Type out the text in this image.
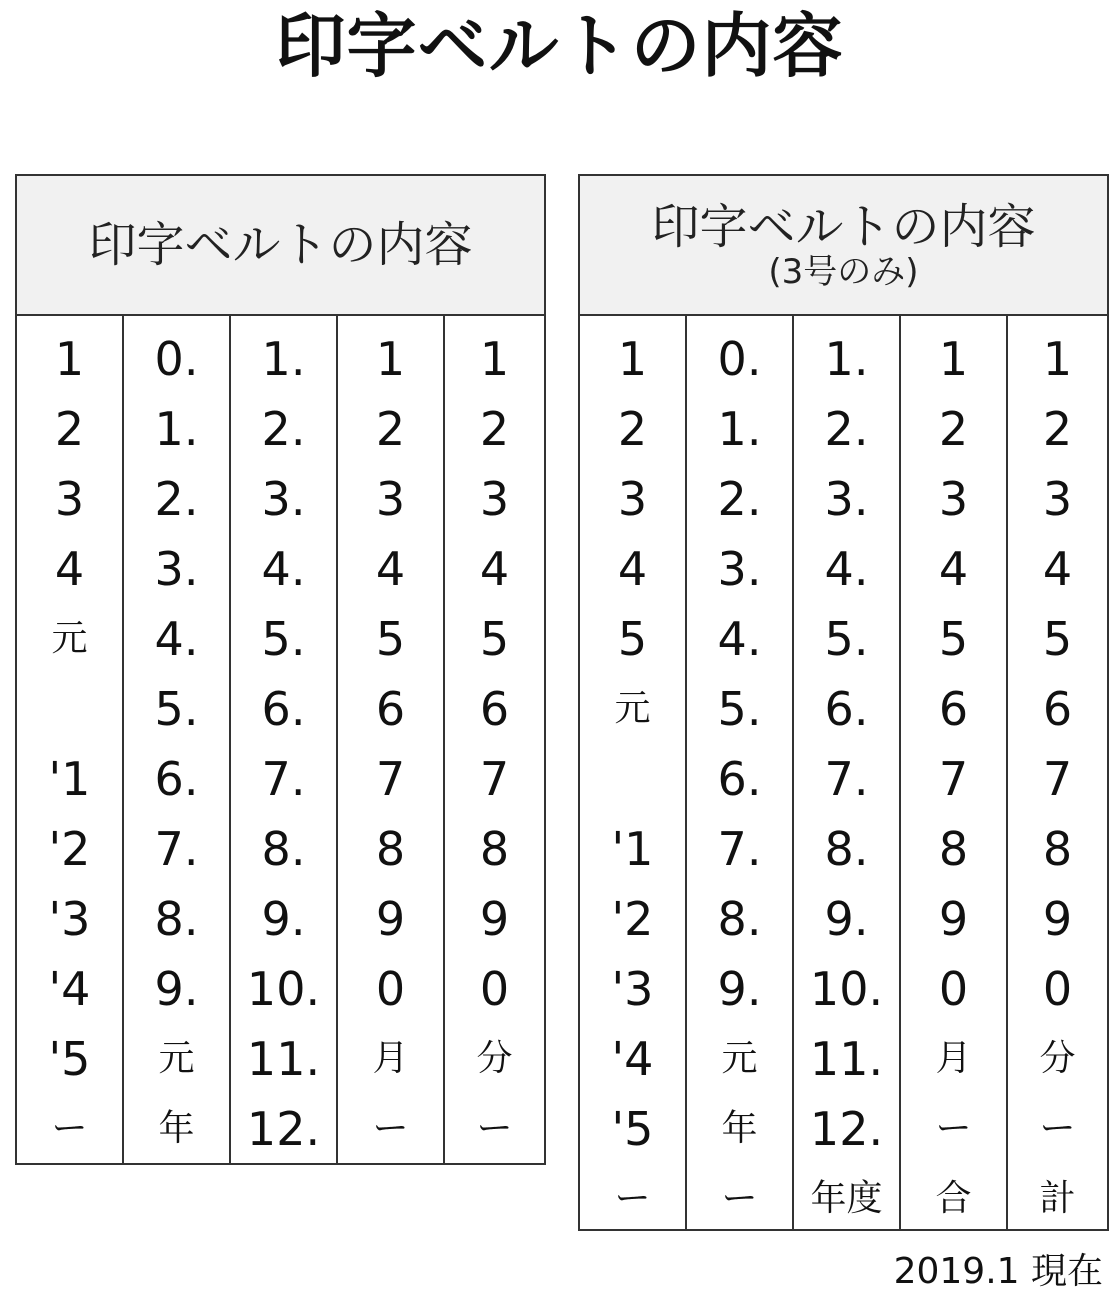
印字ベルトの内容
印字ベルトの内容
1
2
3
4
元
'1
'2
'3
'4
'5
ー
0.
1.
2.
3.
4.
5.
6.
7.
8.
9.
元
年
1.
2.
3.
4.
5.
6.
7.
8.
9.
10.
11.
12.
1
2
3
4
5
6
7
8
9
0
月
ー
1
2
3
4
5
6
7
8
9
0
分
ー
印字ベルトの内容
(3号のみ)
1
2
3
4
5
元
'1
'2
'3
'4
'5
ー
0.
1.
2.
3.
4.
5.
6.
7.
8.
9.
元
年
ー
1.
2.
3.
4.
5.
6.
7.
8.
9.
10.
11.
12.
年度
1
2
3
4
5
6
7
8
9
0
月
ー
合
1
2
3
4
5
6
7
8
9
0
分
ー
計
2019.1 現在
